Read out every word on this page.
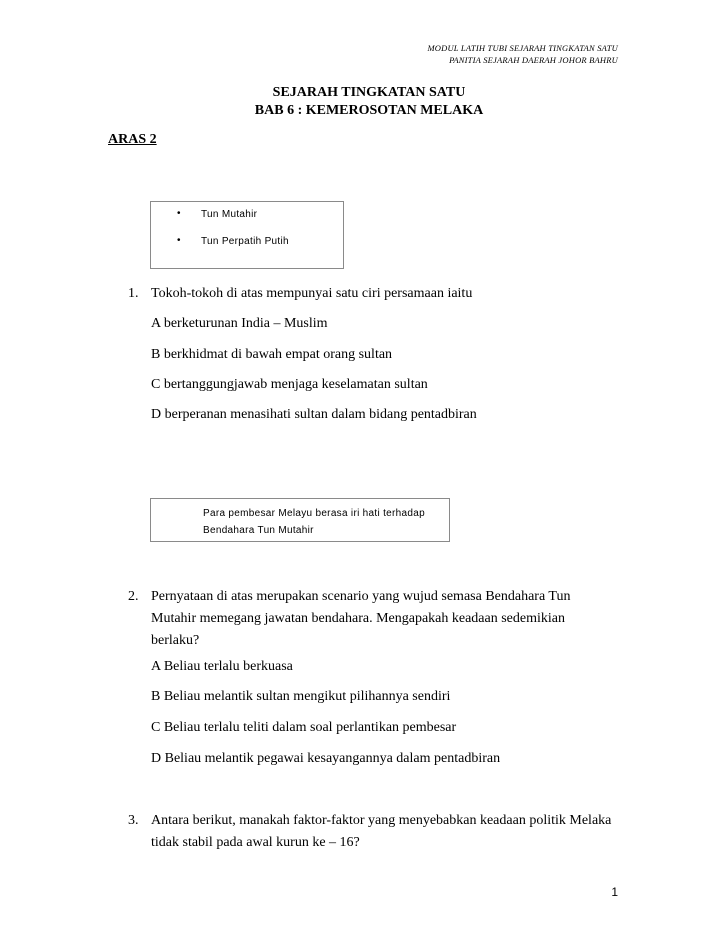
MODUL LATIH TUBI SEJARAH TINGKATAN SATU
PANITIA SEJARAH DAERAH JOHOR BAHRU
SEJARAH TINGKATAN SATU
BAB 6 : KEMEROSOTAN MELAKA
ARAS 2
• Tun Mutahir
• Tun Perpatih Putih
1. Tokoh-tokoh di atas mempunyai satu ciri persamaan iaitu
A berketurunan India – Muslim
B berkhidmat di bawah empat orang sultan
C bertanggungjawab menjaga keselamatan sultan
D berperanan menasihati sultan dalam bidang pentadbiran
Para pembesar Melayu berasa iri hati terhadap
Bendahara Tun Mutahir
2. Pernyataan di atas merupakan scenario yang wujud semasa Bendahara Tun
Mutahir memegang jawatan bendahara. Mengapakah keadaan sedemikian
berlaku?
A Beliau terlalu berkuasa
B Beliau melantik sultan mengikut pilihannya sendiri
C Beliau terlalu teliti dalam soal perlantikan pembesar
D Beliau melantik pegawai kesayangannya dalam pentadbiran
3. Antara berikut, manakah faktor-faktor yang menyebabkan keadaan politik Melaka
tidak stabil pada awal kurun ke – 16?
1
